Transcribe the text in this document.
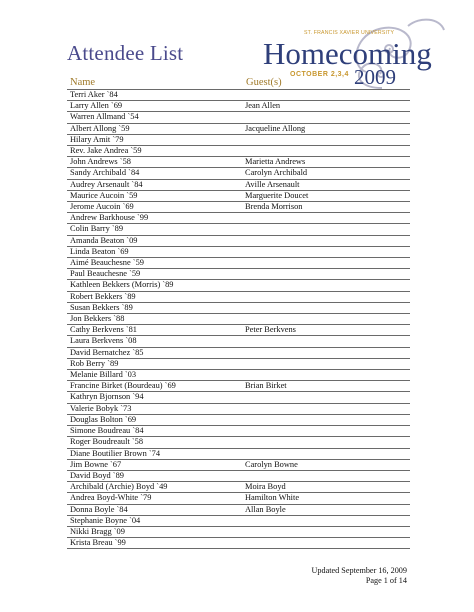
Attendee List
ST. FRANCIS XAVIER UNIVERSITY
Homecoming
OCTOBER 2,3,4 2009
Name	Guest(s)
Terri Aker `84	
Larry Allen `69	Jean Allen
Warren Allmand `54	
Albert Allong `59	Jacqueline Allong
Hilary Amit `79	
Rev. Jake Andrea `59	
John Andrews `58	Marietta Andrews
Sandy Archibald `84	Carolyn Archibald
Audrey Arsenault `84	Aville Arsenault
Maurice Aucoin `59	Marguerite Doucet
Jerome Aucoin `69	Brenda Morrison
Andrew Barkhouse `99	
Colin Barry `89	
Amanda Beaton `09	
Linda Beaton `69	
Aimé Beauchesne `59	
Paul Beauchesne `59	
Kathleen Bekkers (Morris) `89	
Robert Bekkers `89	
Susan Bekkers `89	
Jon Bekkers `88	
Cathy Berkvens `81	Peter Berkvens
Laura Berkvens `08	
David Bernatchez `85	
Rob Berry `89	
Melanie Billard `03	
Francine Birket (Bourdeau) `69	Brian Birket
Kathryn Bjornson `94	
Valerie Bobyk `73	
Douglas Bolton `69	
Simone Boudreau `84	
Roger Boudreault `58	
Diane Boutilier Brown `74	
Jim Bowne `67	Carolyn Bowne
David Boyd `89	
Archibald (Archie) Boyd `49	Moira Boyd
Andrea Boyd-White `79	Hamilton White
Donna Boyle `84	Allan Boyle
Stephanie Boyne `04	
Nikki Bragg `09	
Krista Breau `99	
Updated September 16, 2009
Page 1 of 14
